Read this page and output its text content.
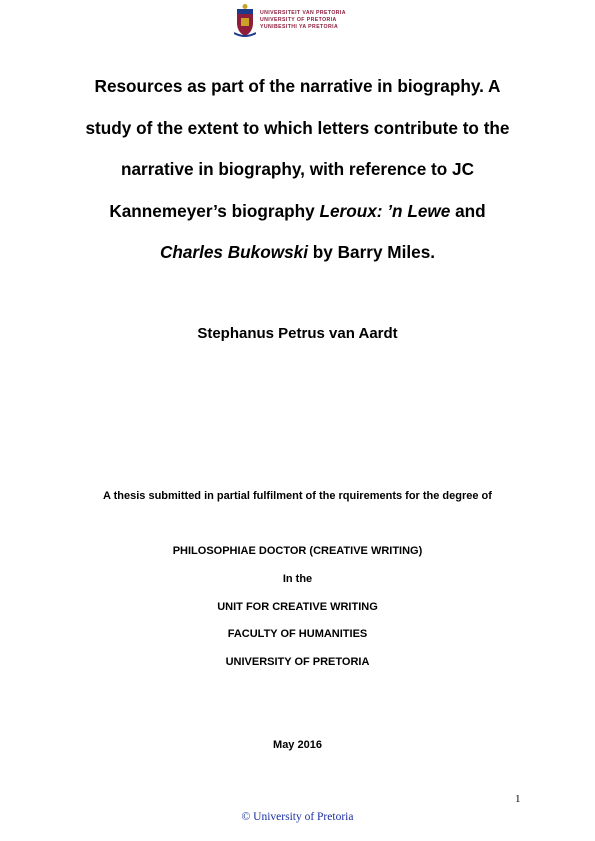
UNIVERSITEIT VAN PRETORIA
UNIVERSITY OF PRETORIA
YUNIBESITHI YA PRETORIA
Resources as part of the narrative in biography. A
study of the extent to which letters contribute to the
narrative in biography, with reference to JC
Kannemeyer’s biography Leroux: ’n Lewe and
Charles Bukowski by Barry Miles.

Stephanus Petrus van Aardt

A thesis submitted in partial fulfilment of the rquirements for the degree of

PHILOSOPHIAE DOCTOR (CREATIVE WRITING)

In the

UNIT FOR CREATIVE WRITING

FACULTY OF HUMANITIES

UNIVERSITY OF PRETORIA

May 2016

1
© University of Pretoria
